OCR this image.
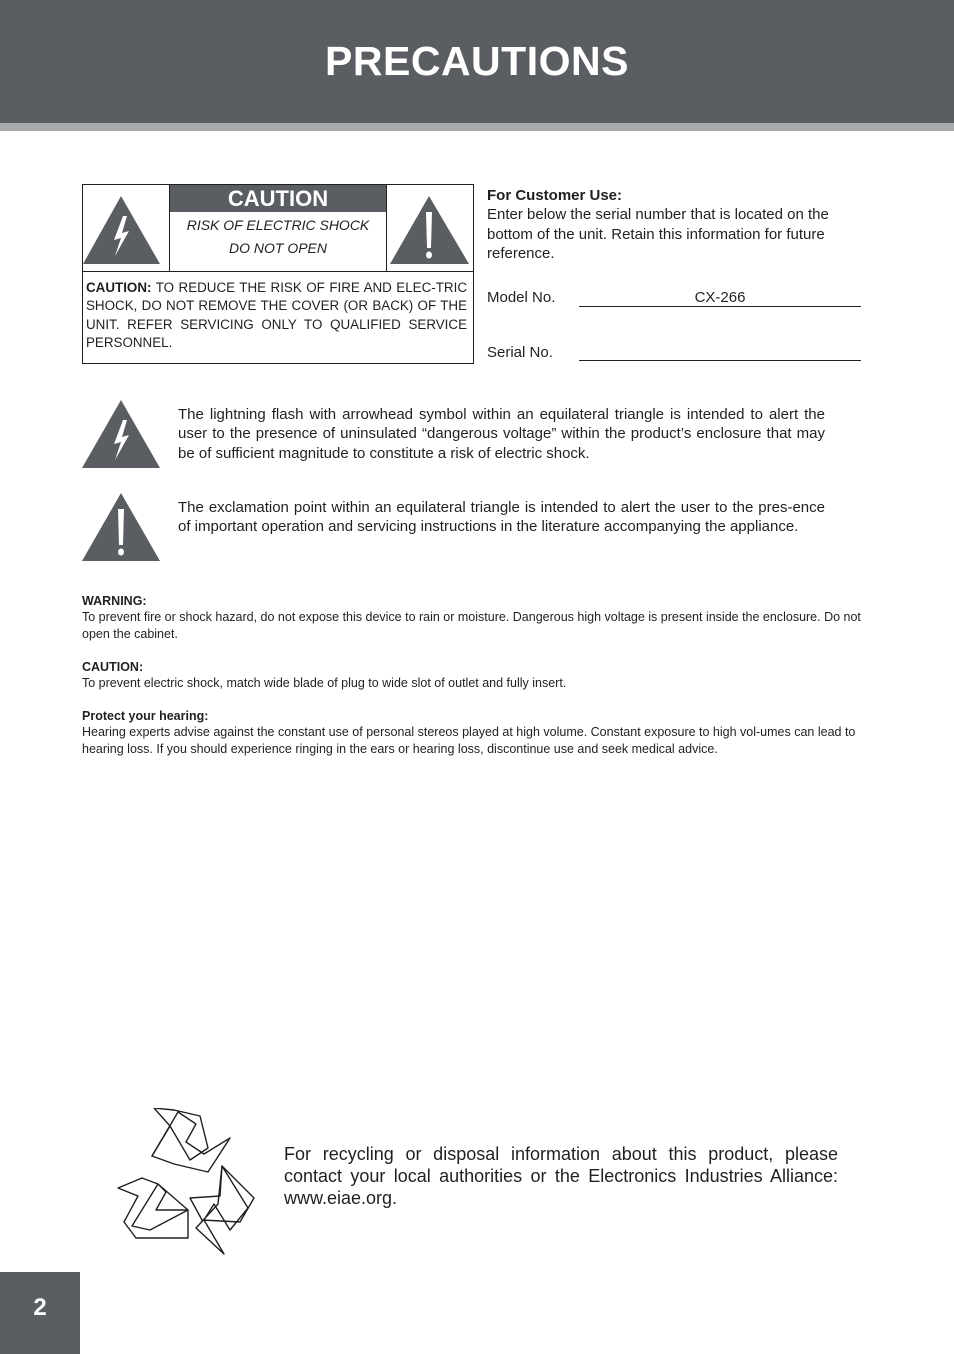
PRECAUTIONS
CAUTION
RISK OF ELECTRIC SHOCK
DO NOT OPEN
CAUTION: TO REDUCE THE RISK OF FIRE AND ELEC-TRIC SHOCK, DO NOT REMOVE THE COVER (OR BACK) OF THE UNIT. REFER SERVICING ONLY TO QUALIFIED SERVICE PERSONNEL.
For Customer Use:
Enter below the serial number that is located on the bottom of the unit. Retain this information for future reference.
Model No.	CX-266
Serial No.
The lightning flash with arrowhead symbol within an equilateral triangle is intended to alert the user to the presence of uninsulated “dangerous voltage” within the product’s enclosure that may be of sufficient magnitude to constitute a risk of electric shock.
The exclamation point within an equilateral triangle is intended to alert the user to the pres-ence of important operation and servicing instructions in the literature accompanying the appliance.
WARNING:
To prevent fire or shock hazard, do not expose this device to rain or moisture. Dangerous high voltage is present inside the enclosure. Do not open the cabinet.
CAUTION:
To prevent electric shock, match wide blade of plug to wide slot of outlet and fully insert.
Protect your hearing:
Hearing experts advise against the constant use of personal stereos played at high volume. Constant exposure to high vol-umes can lead to hearing loss. If you should experience ringing in the ears or hearing loss, discontinue use and seek medical advice.
For recycling or disposal information about this product, please contact your local authorities or the Electronics Industries Alliance: www.eiae.org.
2
